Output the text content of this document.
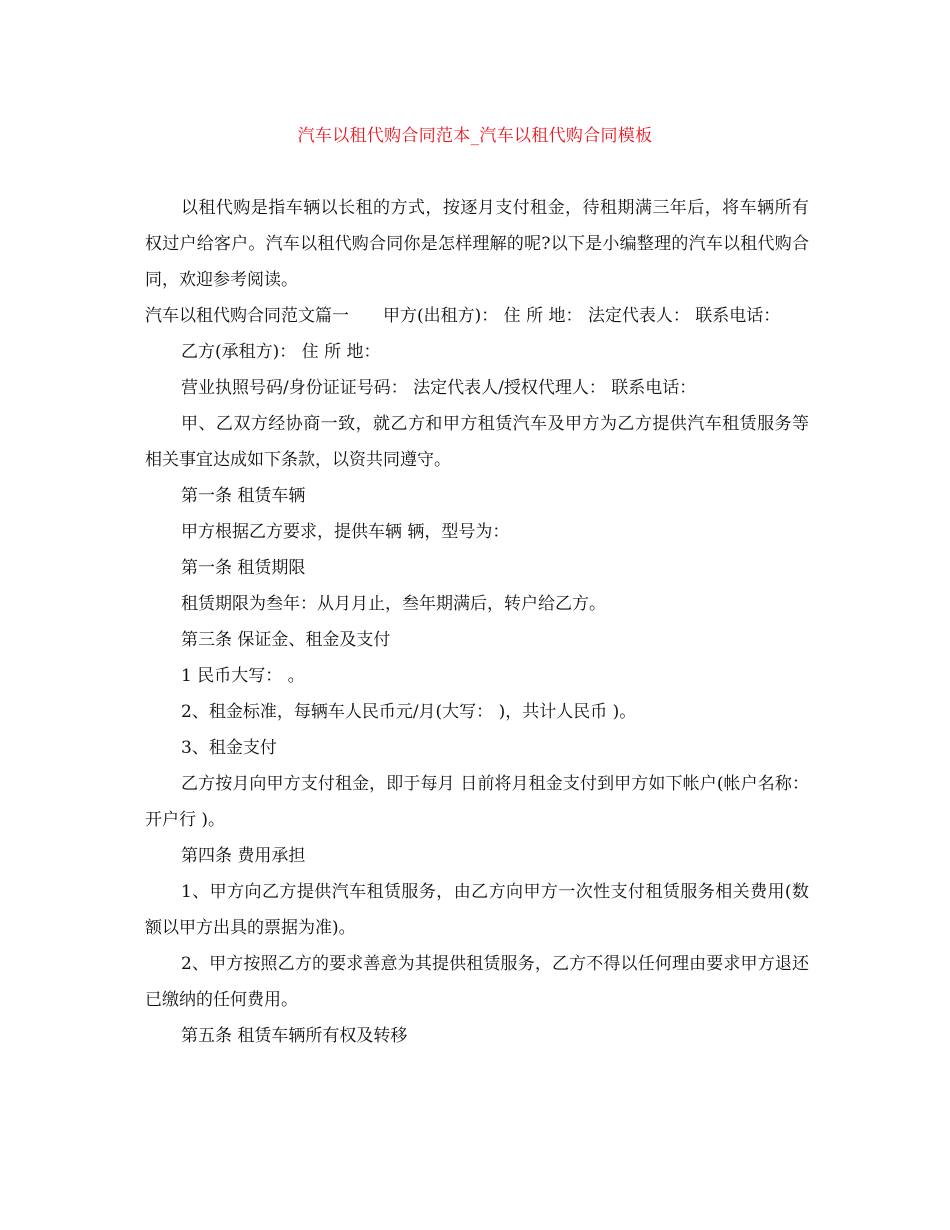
汽车以租代购合同范本_汽车以租代购合同模板

以租代购是指车辆以长租的方式，按逐月支付租金，待租期满三年后，将车辆所有权过户给客户。汽车以租代购合同你是怎样理解的呢?以下是小编整理的汽车以租代购合同，欢迎参考阅读。

汽车以租代购合同范文篇一　　甲方(出租方)： 住 所 地： 法定代表人： 联系电话：

乙方(承租方)： 住 所 地：

营业执照号码/身份证证号码： 法定代表人/授权代理人： 联系电话：

甲、乙双方经协商一致，就乙方和甲方租赁汽车及甲方为乙方提供汽车租赁服务等相关事宜达成如下条款，以资共同遵守。

第一条 租赁车辆

甲方根据乙方要求，提供车辆 辆，型号为：

第一条 租赁期限

租赁期限为叁年：从月月止，叁年期满后，转户给乙方。

第三条 保证金、租金及支付

1 民币大写： 。

2、租金标准，每辆车人民币元/月(大写： )，共计人民币 )。

3、租金支付

乙方按月向甲方支付租金，即于每月 日前将月租金支付到甲方如下帐户(帐户名称： 开户行 )。

第四条 费用承担

1、甲方向乙方提供汽车租赁服务，由乙方向甲方一次性支付租赁服务相关费用(数额以甲方出具的票据为准)。

2、甲方按照乙方的要求善意为其提供租赁服务，乙方不得以任何理由要求甲方退还已缴纳的任何费用。

第五条 租赁车辆所有权及转移
